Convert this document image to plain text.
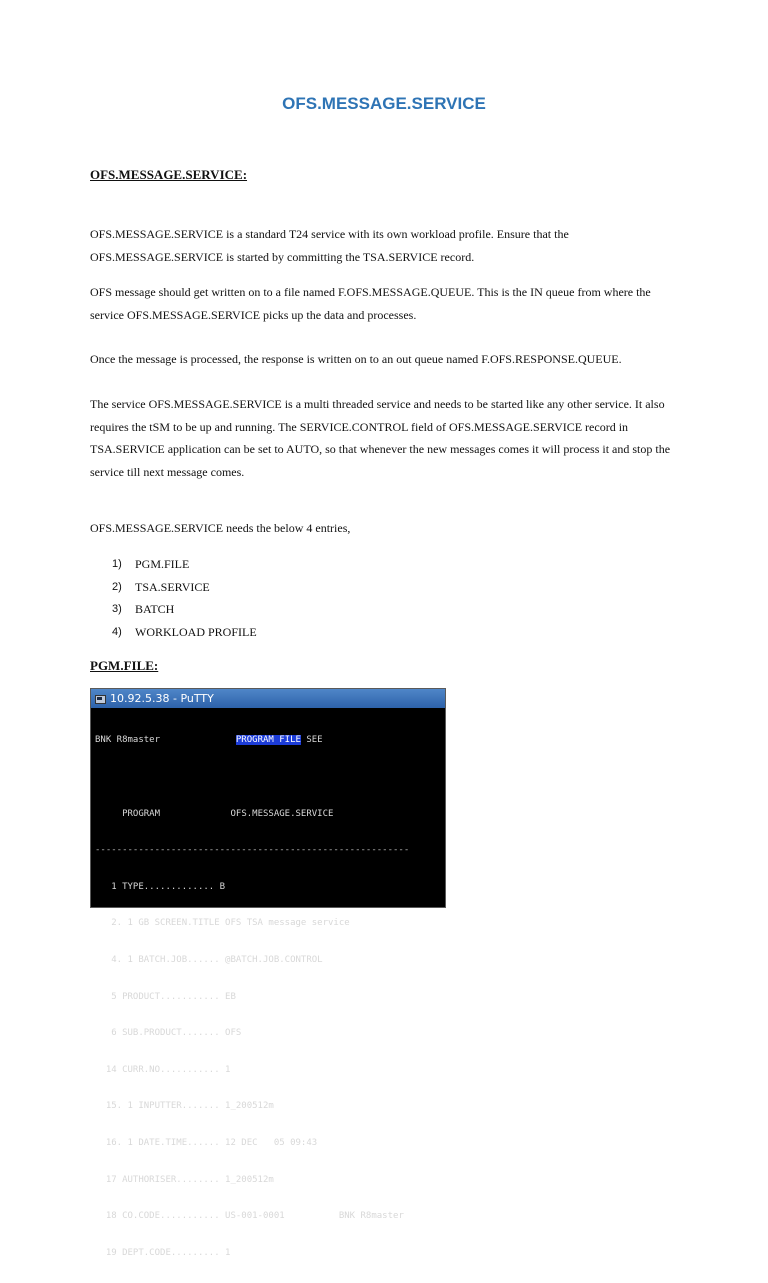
OFS.MESSAGE.SERVICE
OFS.MESSAGE.SERVICE:

OFS.MESSAGE.SERVICE is a standard T24 service with its own workload profile. Ensure that the OFS.MESSAGE.SERVICE is started by committing the TSA.SERVICE record.

OFS message should get written on to a file named F.OFS.MESSAGE.QUEUE. This is the IN queue from where the service OFS.MESSAGE.SERVICE picks up the data and processes.

Once the message is processed, the response is written on to an out queue named F.OFS.RESPONSE.QUEUE.

The service OFS.MESSAGE.SERVICE is a multi threaded service and needs to be started like any other service. It also requires the tSM to be up and running. The SERVICE.CONTROL field of OFS.MESSAGE.SERVICE record in TSA.SERVICE application can be set to AUTO, so that whenever the new messages comes it will process it and stop the service till next message comes.

OFS.MESSAGE.SERVICE needs the below 4 entries,

1)	PGM.FILE
2)	TSA.SERVICE
3)	BATCH
4)	WORKLOAD PROFILE
PGM.FILE:
10.92.5.38 - PuTTY

BNK R8master	PROGRAM FILE SEE

PROGRAM	OFS.MESSAGE.SERVICE

----------------------------------------------------------

1 TYPE............. B

2. 1 GB SCREEN.TITLE OFS TSA message service

4. 1 BATCH.JOB...... @BATCH.JOB.CONTROL

5 PRODUCT........... EB

6 SUB.PRODUCT....... OFS

14 CURR.NO........... 1

15. 1 INPUTTER....... 1_200512m

16. 1 DATE.TIME...... 12 DEC   05 09:43

17 AUTHORISER........ 1_200512m

18 CO.CODE........... US-001-0001          BNK R8master

19 DEPT.CODE......... 1
